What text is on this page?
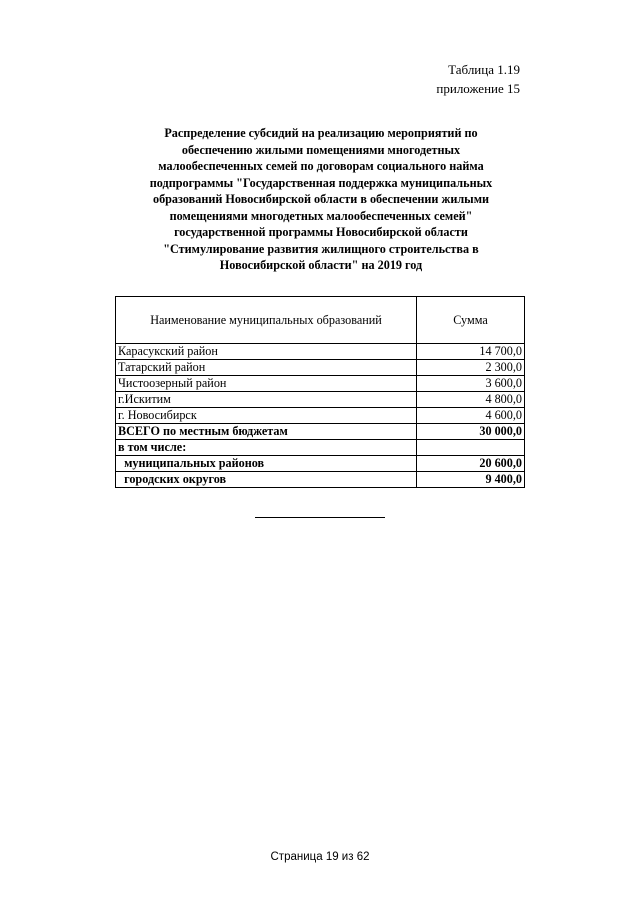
Таблица 1.19
приложение 15
Распределение субсидий на реализацию мероприятий по
обеспечению жилыми помещениями многодетных
малообеспеченных семей по договорам социального найма
подпрограммы "Государственная поддержка муниципальных
образований Новосибирской области в обеспечении жилыми
помещениями многодетных малообеспеченных семей"
государственной программы Новосибирской области
"Стимулирование развития жилищного строительства в
Новосибирской области" на 2019 год
Наименование муниципальных образований	Сумма
Карасукский район	14 700,0
Татарский район	2 300,0
Чистоозерный район	3 600,0
г.Искитим	4 800,0
г. Новосибирск	4 600,0
ВСЕГО по местным бюджетам	30 000,0
в том числе:	
муниципальных районов	20 600,0
городских округов	9 400,0
Страница 19 из 62
